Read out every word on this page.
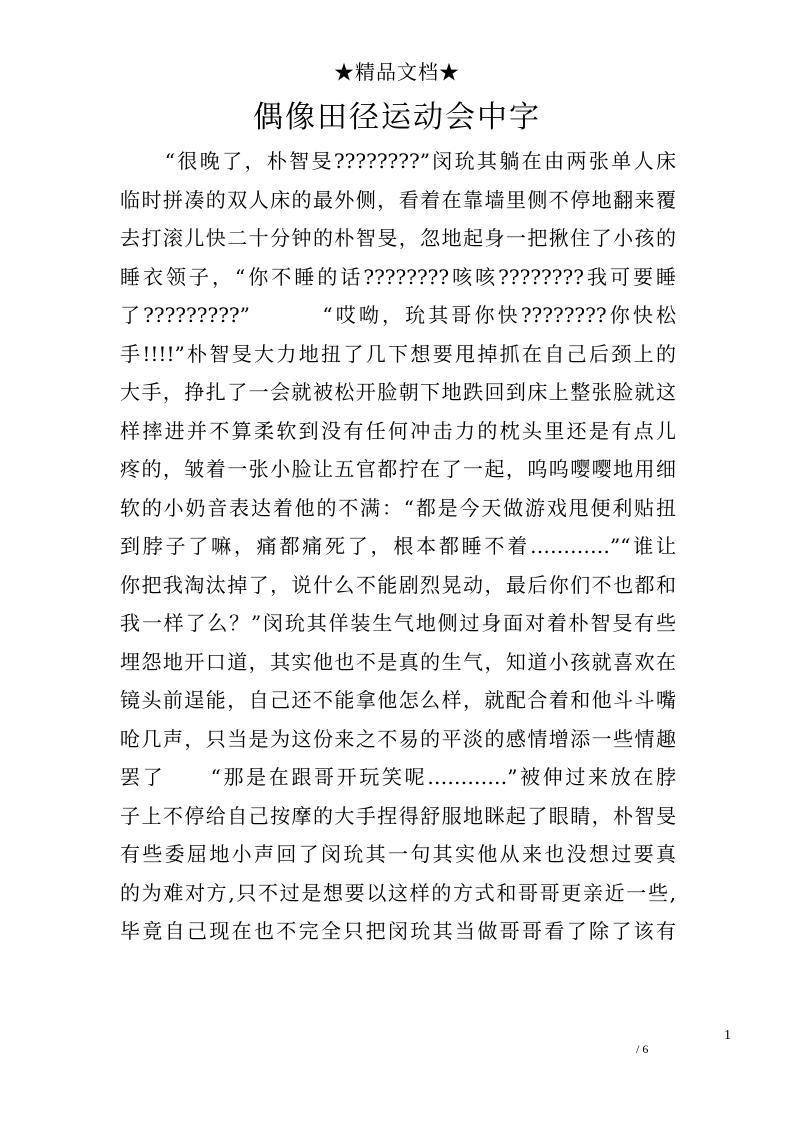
★精品文档★
偶像田径运动会中字
　　“很晚了，朴智旻????????”闵玧其躺在由两张单人床
临时拼凑的双人床的最外侧，看着在靠墙里侧不停地翻来覆
去打滚儿快二十分钟的朴智旻，忽地起身一把揪住了小孩的
睡衣领子，“你不睡的话????????咳咳????????我可要睡
了?????????”　　　“哎呦，玧其哥你快????????你快松
手!!!!”朴智旻大力地扭了几下想要甩掉抓在自己后颈上的
大手，挣扎了一会就被松开脸朝下地跌回到床上整张脸就这
样摔进并不算柔软到没有任何冲击力的枕头里还是有点儿
疼的，皱着一张小脸让五官都拧在了一起，呜呜嘤嘤地用细
软的小奶音表达着他的不满：“都是今天做游戏甩便利贴扭
到脖子了嘛，痛都痛死了，根本都睡不着…………”“谁让
你把我淘汰掉了，说什么不能剧烈晃动，最后你们不也都和
我一样了么？”闵玧其佯装生气地侧过身面对着朴智旻有些
埋怨地开口道，其实他也不是真的生气，知道小孩就喜欢在
镜头前逞能，自己还不能拿他怎么样，就配合着和他斗斗嘴
呛几声，只当是为这份来之不易的平淡的感情增添一些情趣
罢了　　“那是在跟哥开玩笑呢…………”被伸过来放在脖
子上不停给自己按摩的大手捏得舒服地眯起了眼睛，朴智旻
有些委屈地小声回了闵玧其一句其实他从来也没想过要真
的为难对方,只不过是想要以这样的方式和哥哥更亲近一些,
毕竟自己现在也不完全只把闵玧其当做哥哥看了除了该有
1
/ 6
